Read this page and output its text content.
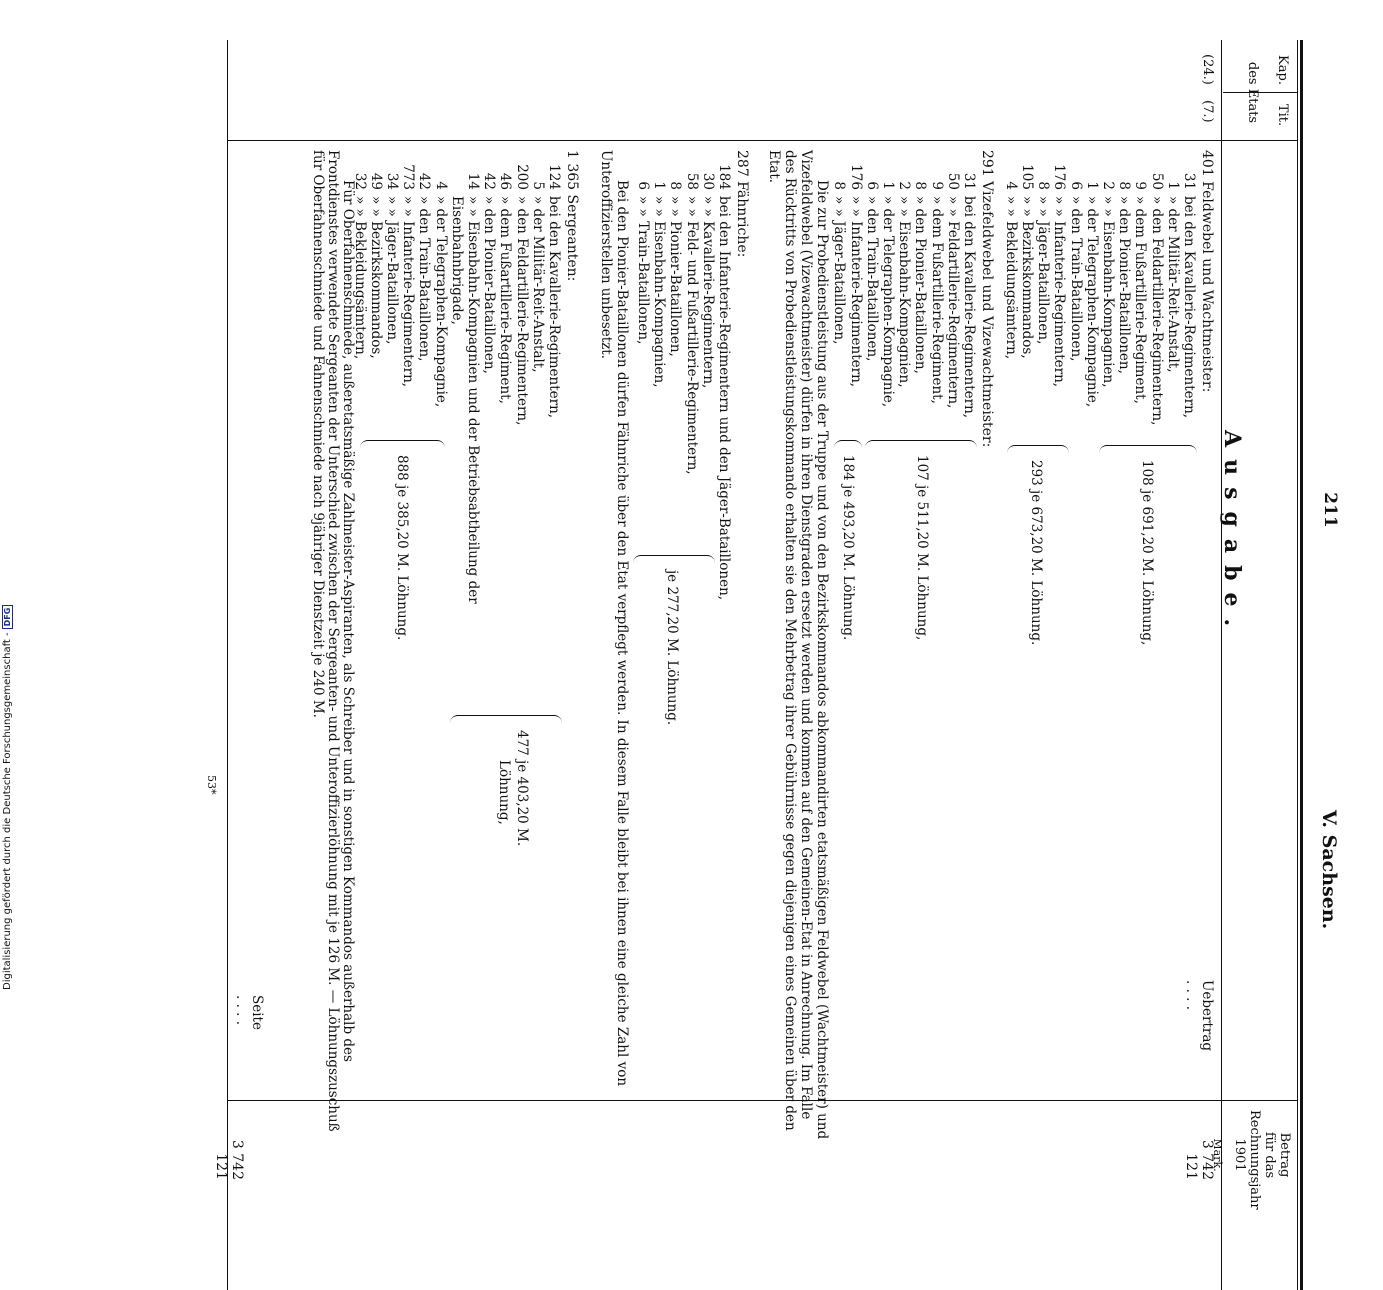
211
V. Sachsen.
Kap.
Tit.
des Etats
Betrag
für das
Rechnungsjahr
1901
Mark.
Ausgabe.
(24.)
(7.)
Uebertrag . . . .
3 742 121
401 Feldwebel und Wachtmeister:
31bei den Kavallerie-Regimentern,
1» der Militär-Reit-Anstalt,
50» den Feldartillerie-Regimentern,
9» dem Fußartillerie-Regiment,
8» den Pionier-Bataillonen,
2» » Eisenbahn-Kompagnien,
1» der Telegraphen-Kompagnie,
6» den Train-Bataillonen,
176» » Infanterie-Regimentern,
8» » Jäger-Bataillonen,
105» » Bezirkskommandos,
4» » Bekleidungsämtern,
108 je 691,20 M. Löhnung,
293 je 673,20 M. Löhnung.
291 Vizefeldwebel und Vizewachtmeister:
31bei den Kavallerie-Regimentern,
50» » Feldartillerie-Regimentern,
9» dem Fußartillerie-Regiment,
8» den Pionier-Bataillonen,
2» » Eisenbahn-Kompagnien,
1» der Telegraphen-Kompagnie,
6» den Train-Bataillonen,
176» » Infanterie-Regimentern,
8» » Jäger-Bataillonen,
107 je 511,20 M. Löhnung,
184 je 493,20 M. Löhnung.
Die zur Probedienstleistung aus der Truppe und von den Bezirkskommandos abkommandirten etatsmäßigen Feldwebel (Wachtmeister) und Vizefeldwebel (Vizewachtmeister) dürfen in ihren Dienstgraden ersetzt werden und kommen auf den Gemeinen-Etat in Anrechnung. Im Falle des Rücktritts von Probedienstleistungskommando erhalten sie den Mehrbetrag ihrer Gebührnisse gegen diejenigen eines Gemeinen über den Etat.
287 Fähnriche:
184bei den Infanterie-Regimentern und den Jäger-Bataillonen,
30» » Kavallerie-Regimentern,
58» » Feld- und Fußartillerie-Regimentern,
8» » Pionier-Bataillonen,
1» » Eisenbahn-Kompagnien,
6» » Train-Bataillonen,
je 277,20 M. Löhnung.
Bei den Pionier-Bataillonen dürfen Fähnriche über den Etat verpflegt werden. In diesem Falle bleibt bei ihnen eine gleiche Zahl von Unteroffizierstellen unbesetzt.
1 365 Sergeanten:
124bei den Kavallerie-Regimentern,
5» der Militär-Reit-Anstalt,
200» den Feldartillerie-Regimentern,
46» dem Fußartillerie-Regiment,
42» den Pionier-Bataillonen,
14» » Eisenbahn-Kompagnien und der Betriebsabtheilung der
Eisenbahnbrigade,
4» der Telegraphen-Kompagnie,
42» den Train-Bataillonen,
773» » Infanterie-Regimentern,
34» » Jäger-Bataillonen,
49» » Bezirkskommandos,
32» » Bekleidungsämtern,
477 je 403,20 M.
Löhnung,
888 je 385,20 M. Löhnung.
Für Oberfahnenschmiede, außeretatsmäßige Zahlmeister-Aspiranten, als Schreiber und in sonstigen Kommandos außerhalb des Frontdienstes verwendete Sergeanten der Unterschied zwischen der Sergeanten- und Unteroffizierlöhnung mit je 126 M. — Löhnungszuschuß für Oberfahnenschmiede und Fahnenschmiede nach 9jähriger Dienstzeit je 240 M.
Seite . . . .
3 742 121
53*
Digitalisierung gefördert durch die Deutsche Forschungsgemeinschaft -DFG
